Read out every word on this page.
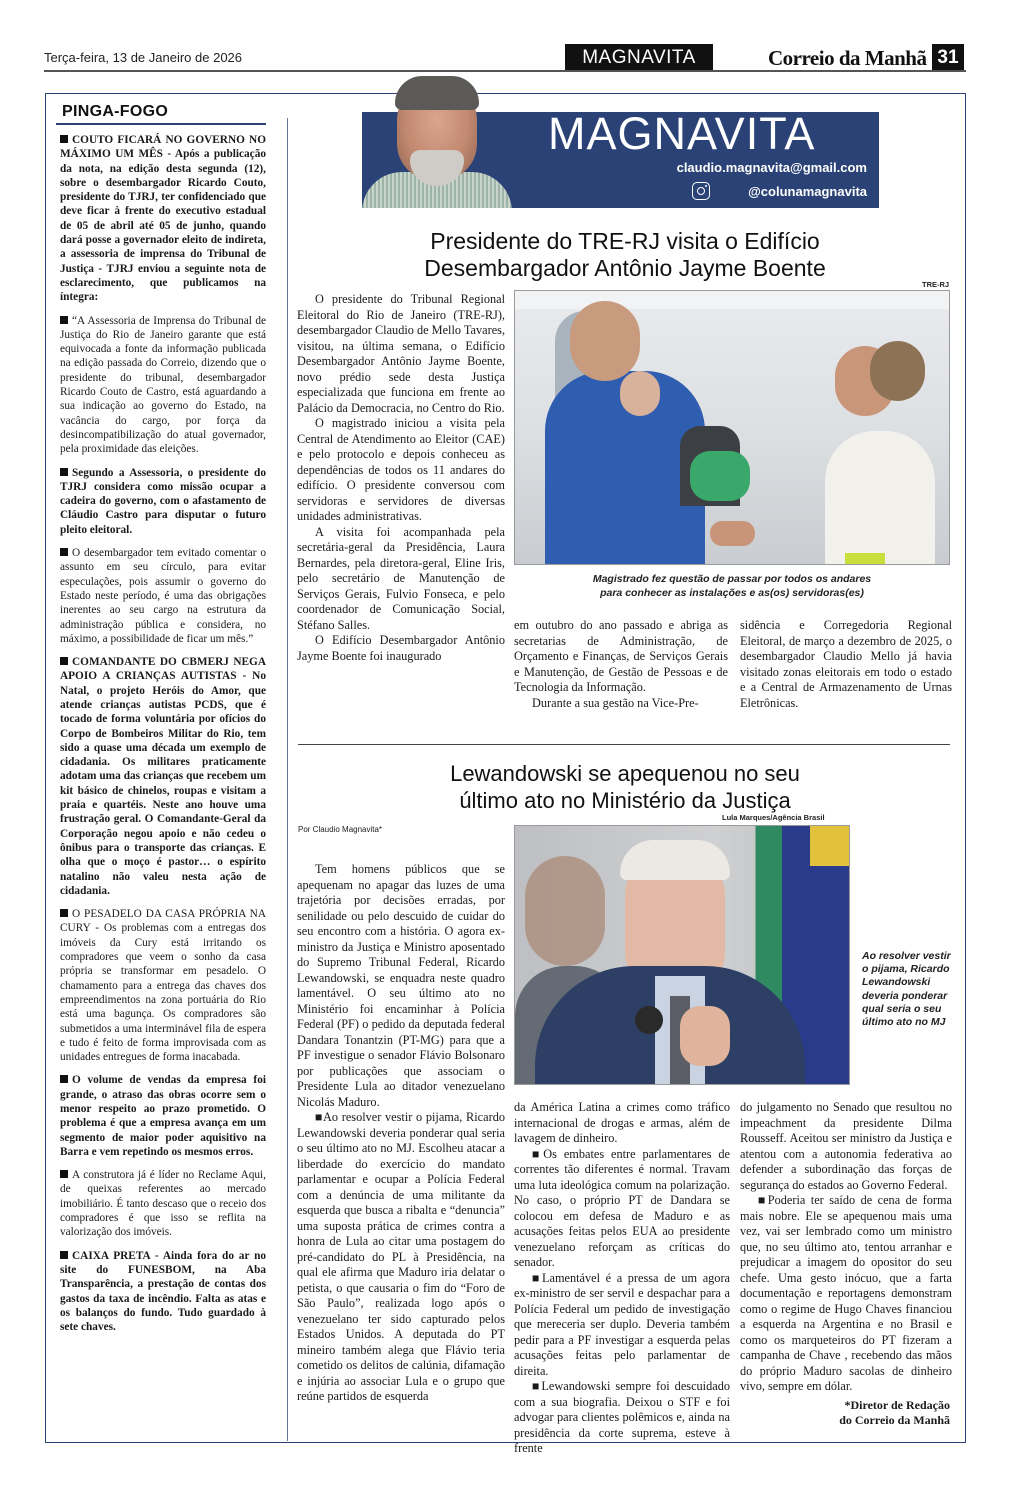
Terça-feira, 13 de Janeiro de 2026	MAGNAVITA	Correio da Manhã 31
PINGA-FOGO
COUTO FICARÁ NO GOVERNO NO MÁXIMO UM MÊS - Após a publicação da nota, na edição desta segunda (12), sobre o desembargador Ricardo Couto, presidente do TJRJ, ter confidenciado que deve ficar à frente do executivo estadual de 05 de abril até 05 de junho, quando dará posse a governador eleito de indireta, a assessoria de imprensa do Tribunal de Justiça - TJRJ enviou a seguinte nota de esclarecimento, que publicamos na íntegra:
“A Assessoria de Imprensa do Tribunal de Justiça do Rio de Janeiro garante que está equivocada a fonte da informação publicada na edição passada do Correio, dizendo que o presidente do tribunal, desembargador Ricardo Couto de Castro, está aguardando a sua indicação ao governo do Estado, na vacância do cargo, por força da desincompatibilização do atual governador, pela proximidade das eleições.
Segundo a Assessoria, o presidente do TJRJ considera como missão ocupar a cadeira do governo, com o afastamento de Cláudio Castro para disputar o futuro pleito eleitoral.
O desembargador tem evitado comentar o assunto em seu círculo, para evitar especulações, pois assumir o governo do Estado neste período, é uma das obrigações inerentes ao seu cargo na estrutura da administração pública e considera, no máximo, a possibilidade de ficar um mês.”
COMANDANTE DO CBMERJ NEGA APOIO A CRIANÇAS AUTISTAS - No Natal, o projeto Heróis do Amor, que atende crianças autistas PCDS, que é tocado de forma voluntária por ofícios do Corpo de Bombeiros Militar do Rio, tem sido a quase uma década um exemplo de cidadania. Os militares praticamente adotam uma das crianças que recebem um kit básico de chinelos, roupas e visitam a praia e quartéis. Neste ano houve uma frustração geral. O Comandante-Geral da Corporação negou apoio e não cedeu o ônibus para o transporte das crianças. E olha que o moço é pastor… o espírito natalino não valeu nesta ação de cidadania.
O PESADELO DA CASA PRÓPRIA NA CURY - Os problemas com a entregas dos imóveis da Cury está irritando os compradores que veem o sonho da casa própria se transformar em pesadelo. O chamamento para a entrega das chaves dos empreendimentos na zona portuária do Rio está uma bagunça. Os compradores são submetidos a uma interminável fila de espera e tudo é feito de forma improvisada com as unidades entregues de forma inacabada.
O volume de vendas da empresa foi grande, o atraso das obras ocorre sem o menor respeito ao prazo prometido. O problema é que a empresa avança em um segmento de maior poder aquisitivo na Barra e vem repetindo os mesmos erros.
A construtora já é líder no Reclame Aqui, de queixas referentes ao mercado imobiliário. É tanto descaso que o receio dos compradores é que isso se reflita na valorização dos imóveis.
CAIXA PRETA - Ainda fora do ar no site do FUNESBOM, na Aba Transparência, a prestação de contas dos gastos da taxa de incêndio. Falta as atas e os balanços do fundo. Tudo guardado à sete chaves.
MAGNAVITA
claudio.magnavita@gmail.com
@colunamagnavita
Presidente do TRE-RJ visita o Edifício
Desembargador Antônio Jayme Boente
TRE-RJ

O presidente do Tribunal Regional Eleitoral do Rio de Janeiro (TRE-RJ), desembargador Claudio de Mello Tavares, visitou, na última semana, o Edifício Desembargador Antônio Jayme Boente, novo prédio sede desta Justiça especializada que funciona em frente ao Palácio da Democracia, no Centro do Rio.

O magistrado iniciou a visita pela Central de Atendimento ao Eleitor (CAE) e pelo protocolo e depois conheceu as dependências de todos os 11 andares do edifício. O presidente conversou com servidoras e servidores de diversas unidades administrativas.

A visita foi acompanhada pela secretária-geral da Presidência, Laura Bernardes, pela diretora-geral, Eline Iris, pelo secretário de Manutenção de Serviços Gerais, Fulvio Fonseca, e pelo coordenador de Comunicação Social, Stéfano Salles.

O Edifício Desembargador Antônio Jayme Boente foi inaugurado

Magistrado fez questão de passar por todos os andares
para conhecer as instalações e as(os) servidoras(es)

em outubro do ano passado e abriga as secretarias de Administração, de Orçamento e Finanças, de Serviços Gerais e Manutenção, de Gestão de Pessoas e de Tecnologia da Informação.

Durante a sua gestão na Vice-Pre-

sidência e Corregedoria Regional Eleitoral, de março a dezembro de 2025, o desembargador Claudio Mello já havia visitado zonas eleitorais em todo o estado e a Central de Armazenamento de Urnas Eletrônicas.

Lewandowski se apequenou no seu
último ato no Ministério da Justiça
Por Claudio Magnavita*
Lula Marques/Agência Brasil
Ao resolver vestir o pijama, Ricardo Lewandowski deveria ponderar qual seria o seu último ato no MJ

Tem homens públicos que se apequenam no apagar das luzes de uma trajetória por decisões erradas, por senilidade ou pelo descuido de cuidar do seu encontro com a história. O agora ex-ministro da Justiça e Ministro aposentado do Supremo Tribunal Federal, Ricardo Lewandowski, se enquadra neste quadro lamentável. O seu último ato no Ministério foi encaminhar à Polícia Federal (PF) o pedido da deputada federal Dandara Tonantzin (PT-MG) para que a PF investigue o senador Flávio Bolsonaro por publicações que associam o Presidente Lula ao ditador venezuelano Nicolás Maduro.

■Ao resolver vestir o pijama, Ricardo Lewandowski deveria ponderar qual seria o seu último ato no MJ. Escolheu atacar a liberdade do exercício do mandato parlamentar e ocupar a Polícia Federal com a denúncia de uma militante da esquerda que busca a ribalta e “denuncia” uma suposta prática de crimes contra a honra de Lula ao citar uma postagem do pré-candidato do PL à Presidência, na qual ele afirma que Maduro iria delatar o petista, o que causaria o fim do “Foro de São Paulo”, realizada logo após o venezuelano ter sido capturado pelos Estados Unidos. A deputada do PT mineiro também alega que Flávio teria cometido os delitos de calúnia, difamação e injúria ao associar Lula e o grupo que reúne partidos de esquerda

da América Latina a crimes como tráfico internacional de drogas e armas, além de lavagem de dinheiro.

■Os embates entre parlamentares de correntes tão diferentes é normal. Travam uma luta ideológica comum na polarização. No caso, o próprio PT de Dandara se colocou em defesa de Maduro e as acusações feitas pelos EUA ao presidente venezuelano reforçam as críticas do senador.

■Lamentável é a pressa de um agora ex-ministro de ser servil e despachar para a Polícia Federal um pedido de investigação que mereceria ser duplo. Deveria também pedir para a PF investigar a esquerda pelas acusações feitas pelo parlamentar de direita.

■Lewandowski sempre foi descuidado com a sua biografia. Deixou o STF e foi advogar para clientes polêmicos e, ainda na presidência da corte suprema, esteve à frente

do julgamento no Senado que resultou no impeachment da presidente Dilma Rousseff. Aceitou ser ministro da Justiça e atentou com a autonomia federativa ao defender a subordinação das forças de segurança do estados ao Governo Federal.

■Poderia ter saído de cena de forma mais nobre. Ele se apequenou mais uma vez, vai ser lembrado como um ministro que, no seu último ato, tentou arranhar e prejudicar a imagem do opositor do seu chefe. Uma gesto inócuo, que a farta documentação e reportagens demonstram como o regime de Hugo Chaves financiou a esquerda na Argentina e no Brasil e como os marqueteiros do PT fizeram a campanha de Chave , recebendo das mãos do próprio Maduro sacolas de dinheiro vivo, sempre em dólar.

*Diretor de Redação
do Correio da Manhã
